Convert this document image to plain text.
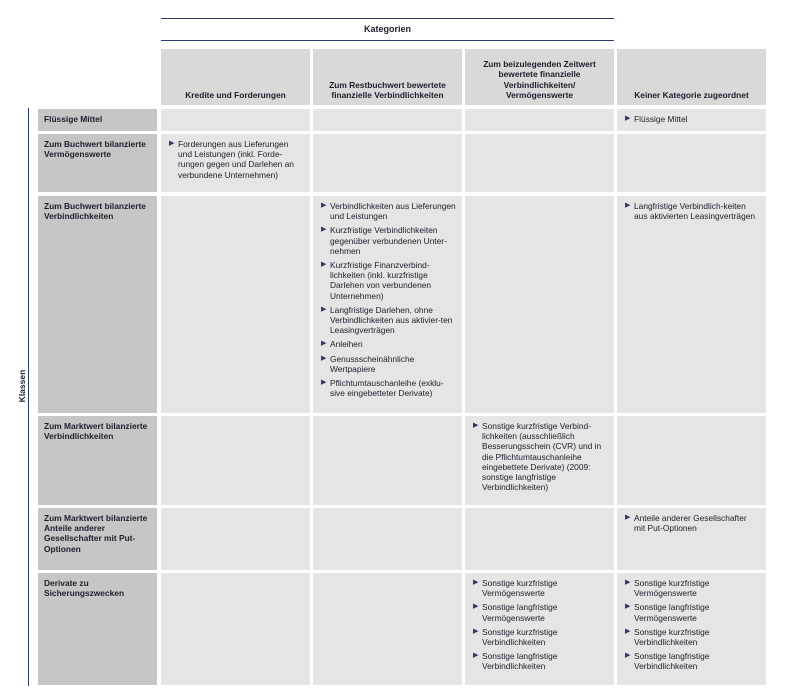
Kategorien
Klassen
Kredite und Forderungen
Zum Restbuchwert bewertete finanzielle Verbindlichkeiten
Zum beizulegenden Zeitwert bewertete finanzielle Verbindlichkeiten/ Vermögenswerte	Keiner Kategorie zugeordnet
Flüssige Mittel	▶ Flüssige Mittel
Zum Buchwert bilanzierte Vermögenswerte
▶ Forderungen aus Lieferungen und Leistungen (inkl. Forde-rungen gegen und Darlehen an verbundene Unternehmen)
Zum Buchwert bilanzierte Verbindlichkeiten
▶ Verbindlichkeiten aus Lieferungen und Leistungen
▶ Kurzfristige Verbindlichkeiten gegenüber verbundenen Unter-nehmen
▶ Kurzfristige Finanzverbind-lichkeiten (inkl. kurzfristige Darlehen von verbundenen Unternehmen)
▶ Langfristige Darlehen, ohne Verbindlichkeiten aus aktivier-ten Leasingverträgen
▶ Anleihen
▶ Genussscheinähnliche Wertpapiere
▶ Pflichtumtauschanleihe (exklu-sive eingebetteter Derivate)
▶ Langfristige Verbindlich-keiten aus aktivierten Leasingverträgen
Zum Marktwert bilanzierte Verbindlichkeiten
▶ Sonstige kurzfristige Verbind-lichkeiten (ausschließlich Besserungsschein (CVR) und in die Pflichtumtauschanleihe eingebettete Derivate) (2009: sonstige langfristige Verbindlichkeiten)
Zum Marktwert bilanzierte Anteile anderer Gesellschafter mit Put-Optionen
▶ Anteile anderer Gesellschafter mit Put-Optionen
Derivate zu Sicherungszwecken
▶ Sonstige kurzfristige Vermögenswerte
▶ Sonstige langfristige Vermögenswerte
▶ Sonstige kurzfristige Verbindlichkeiten
▶ Sonstige langfristige Verbindlichkeiten
▶ Sonstige kurzfristige Vermögenswerte
▶ Sonstige langfristige Vermögenswerte
▶ Sonstige kurzfristige Verbindlichkeiten
▶ Sonstige langfristige Verbindlichkeiten
